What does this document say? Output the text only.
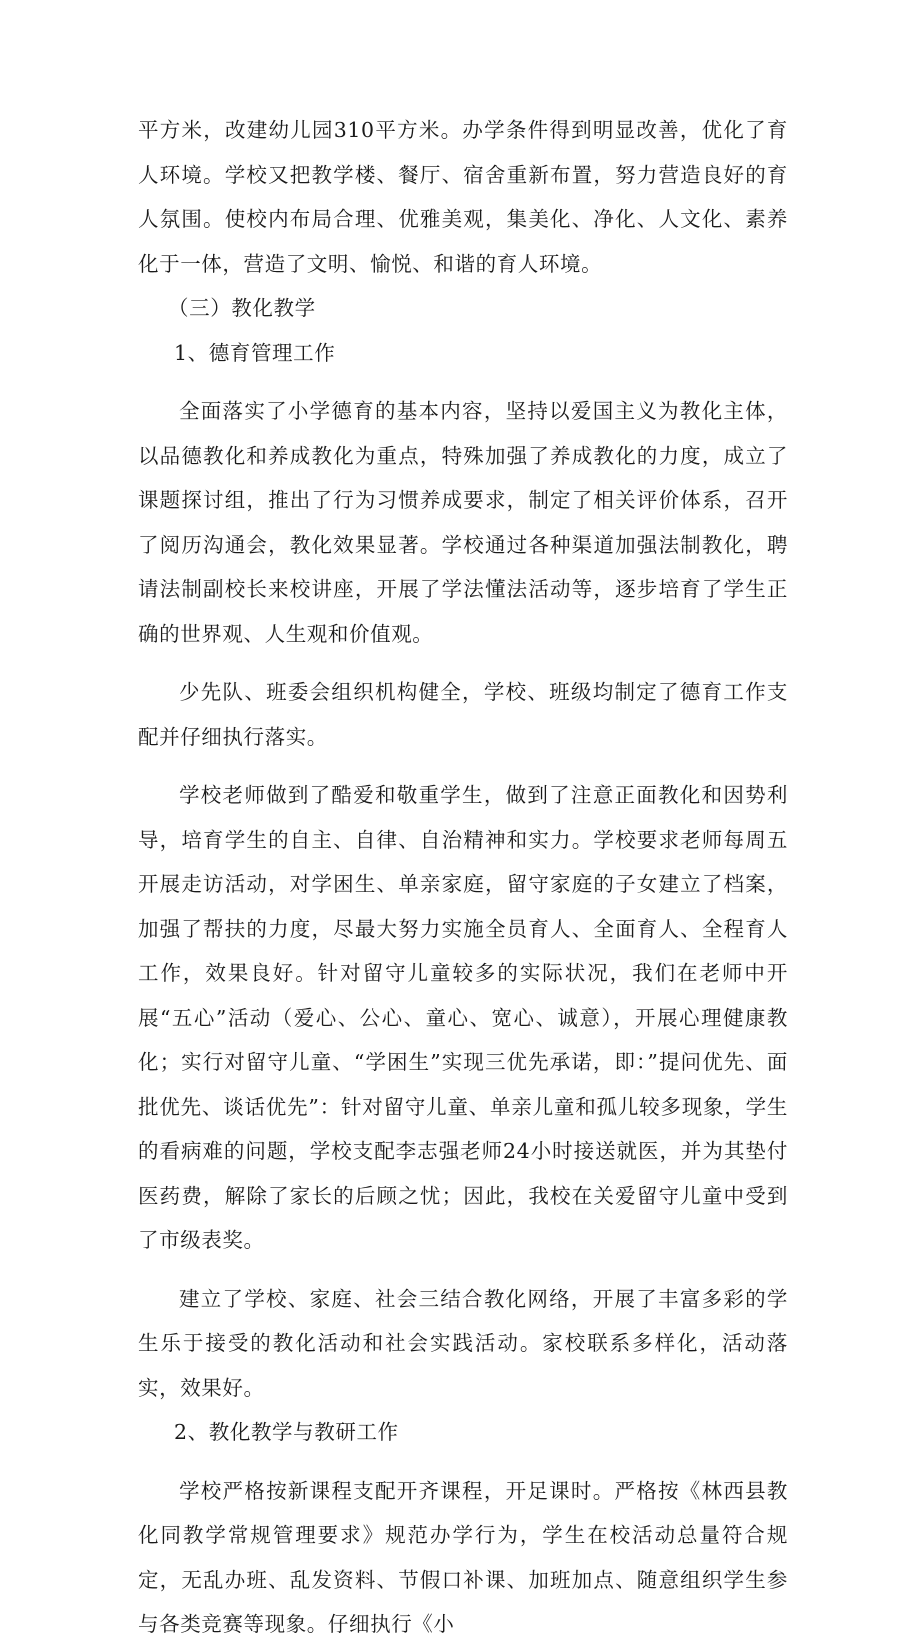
平方米，改建幼儿园310平方米。办学条件得到明显改善，优化了育人环境。学校又把教学楼、餐厅、宿舍重新布置，努力营造良好的育人氛围。使校内布局合理、优雅美观，集美化、净化、人文化、素养化于一体，营造了文明、愉悦、和谐的育人环境。

（三）教化教学

1、德育管理工作

全面落实了小学德育的基本内容，坚持以爱国主义为教化主体，以品德教化和养成教化为重点，特殊加强了养成教化的力度，成立了课题探讨组，推出了行为习惯养成要求，制定了相关评价体系，召开了阅历沟通会，教化效果显著。学校通过各种渠道加强法制教化，聘请法制副校长来校讲座，开展了学法懂法活动等，逐步培育了学生正确的世界观、人生观和价值观。

少先队、班委会组织机构健全，学校、班级均制定了德育工作支配并仔细执行落实。

学校老师做到了酷爱和敬重学生，做到了注意正面教化和因势利导，培育学生的自主、自律、自治精神和实力。学校要求老师每周五开展走访活动，对学困生、单亲家庭，留守家庭的子女建立了档案，加强了帮扶的力度，尽最大努力实施全员育人、全面育人、全程育人工作，效果良好。针对留守儿童较多的实际状况，我们在老师中开展“五心”活动（爱心、公心、童心、宽心、诚意），开展心理健康教化；实行对留守儿童、“学困生”实现三优先承诺，即：”提问优先、面批优先、谈话优先”：针对留守儿童、单亲儿童和孤儿较多现象，学生的看病难的问题，学校支配李志强老师24小时接送就医，并为其垫付医药费，解除了家长的后顾之忧；因此，我校在关爱留守儿童中受到了市级表奖。

建立了学校、家庭、社会三结合教化网络，开展了丰富多彩的学生乐于接受的教化活动和社会实践活动。家校联系多样化，活动落实，效果好。

2、教化教学与教研工作

学校严格按新课程支配开齐课程，开足课时。严格按《林西县教化同教学常规管理要求》规范办学行为，学生在校活动总量符合规定，无乱办班、乱发资料、节假口补课、加班加点、随意组织学生参与各类竞赛等现象。仔细执行《小
